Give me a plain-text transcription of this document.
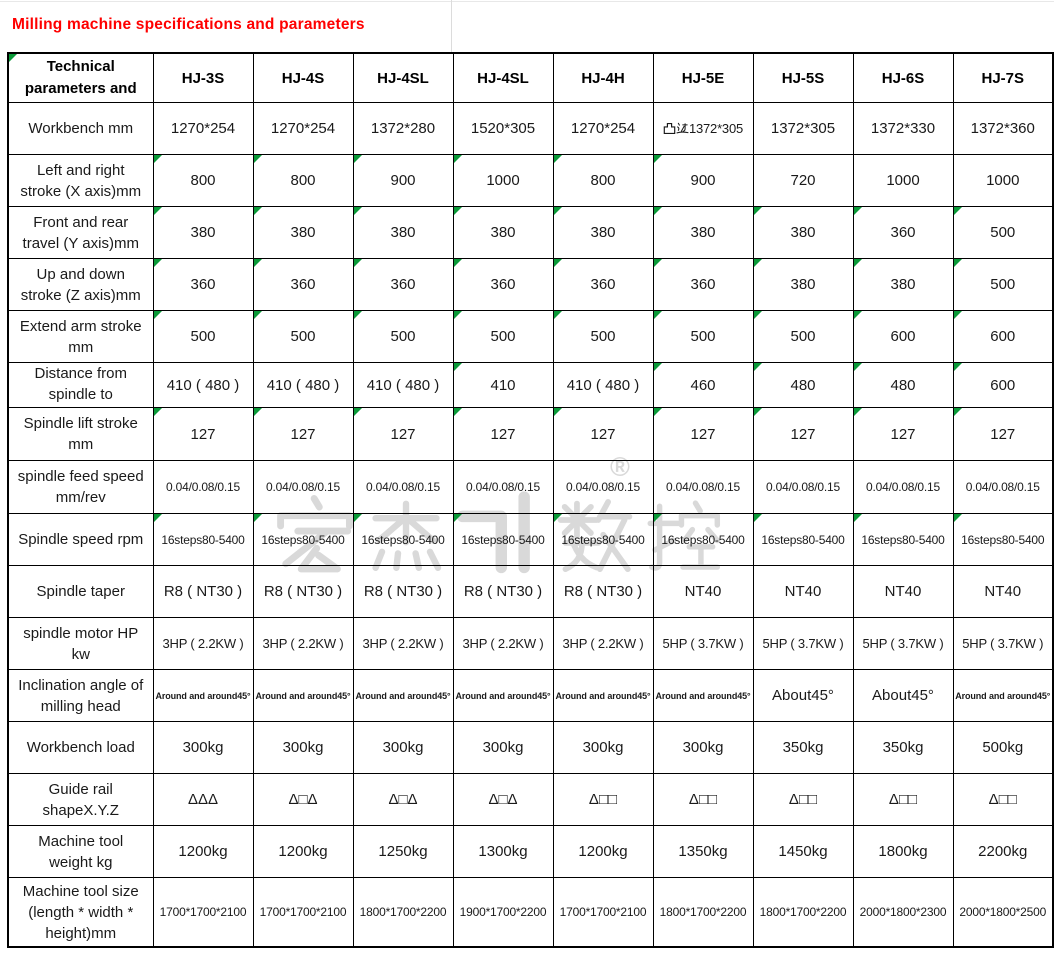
Milling machine specifications and parameters
®
Technical
parameters and	HJ-3S	HJ-4S	HJ-4SL	HJ-4SL	HJ-4H	HJ-5E	HJ-5S	HJ-6S	HJ-7S

Workbench mm	1270*254	1270*254	1372*280	1520*305	1270*254	1372*305	1372*305	1372*330	1372*360

Left and right
stroke (X axis)mm	800	800	900	1000	800	900	720	1000	1000

Front and rear
travel (Y axis)mm	380	380	380	380	380	380	380	360	500

Up and down
stroke (Z axis)mm	360	360	360	360	360	360	380	380	500

Extend arm stroke
mm	500	500	500	500	500	500	500	600	600

Distance from
spindle to	410 ( 480 )	410 ( 480 )	410 ( 480 )	410	410 ( 480 )	460	480	480	600

Spindle lift stroke
mm	127	127	127	127	127	127	127	127	127

spindle feed speed
mm/rev	0.04/0.08/0.15	0.04/0.08/0.15	0.04/0.08/0.15	0.04/0.08/0.15	0.04/0.08/0.15	0.04/0.08/0.15	0.04/0.08/0.15	0.04/0.08/0.15	0.04/0.08/0.15

Spindle speed rpm	16steps80-5400	16steps80-5400	16steps80-5400	16steps80-5400	16steps80-5400	16steps80-5400	16steps80-5400	16steps80-5400	16steps80-5400

Spindle taper	R8 ( NT30 )	R8 ( NT30 )	R8 ( NT30 )	R8 ( NT30 )	R8 ( NT30 )	NT40	NT40	NT40	NT40

spindle motor HP
kw	3HP ( 2.2KW )	3HP ( 2.2KW )	3HP ( 2.2KW )	3HP ( 2.2KW )	3HP ( 2.2KW )	5HP ( 3.7KW )	5HP ( 3.7KW )	5HP ( 3.7KW )	5HP ( 3.7KW )

Inclination angle of
milling head	Around and around45°	Around and around45°	Around and around45°	Around and around45°	Around and around45°	Around and around45°	About45°	About45°	Around and around45°

Workbench load	300kg	300kg	300kg	300kg	300kg	300kg	350kg	350kg	500kg

Guide rail
shapeX.Y.Z	ΔΔΔ	Δ□Δ	Δ□Δ	Δ□Δ	Δ□□	Δ□□	Δ□□	Δ□□	Δ□□

Machine tool
weight kg	1200kg	1200kg	1250kg	1300kg	1200kg	1350kg	1450kg	1800kg	2200kg

Machine tool size
(length * width *
height)mm	1700*1700*2100	1700*1700*2100	1800*1700*2200	1900*1700*2200	1700*1700*2100	1800*1700*2200	1800*1700*2200	2000*1800*2300	2000*1800*2500
